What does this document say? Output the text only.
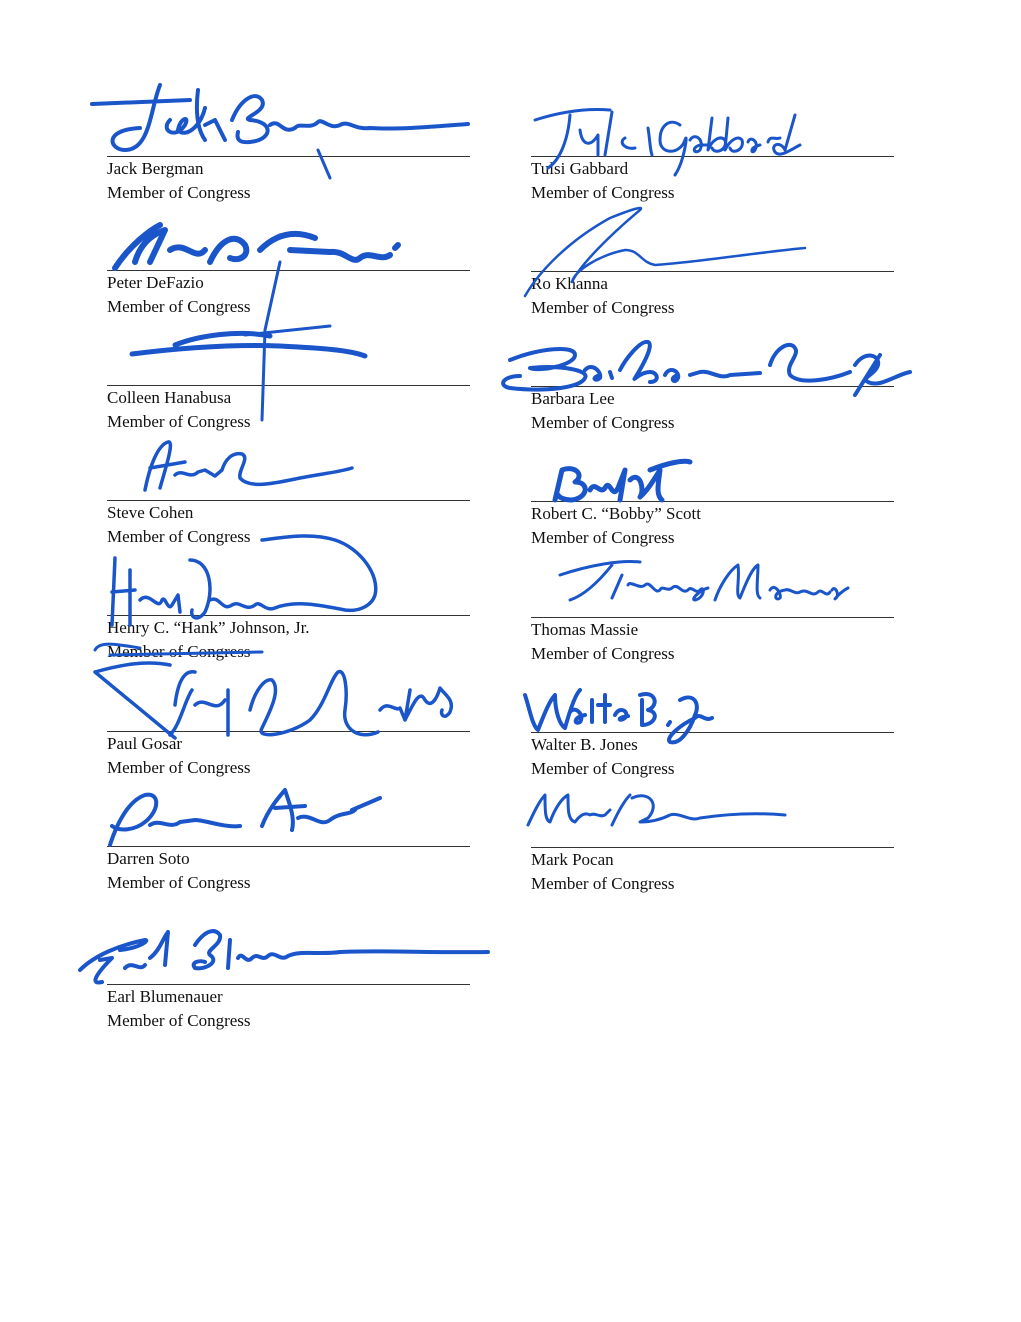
Jack Bergman
Member of Congress
Peter DeFazio
Member of Congress
Colleen Hanabusa
Member of Congress
Steve Cohen
Member of Congress
Henry C. “Hank” Johnson, Jr.
Member of Congress
Paul Gosar
Member of Congress
Darren Soto
Member of Congress
Earl Blumenauer
Member of Congress
Tulsi Gabbard
Member of Congress
Ro Khanna
Member of Congress
Barbara Lee
Member of Congress
Robert C. “Bobby” Scott
Member of Congress
Thomas Massie
Member of Congress
Walter B. Jones
Member of Congress
Mark Pocan
Member of Congress
